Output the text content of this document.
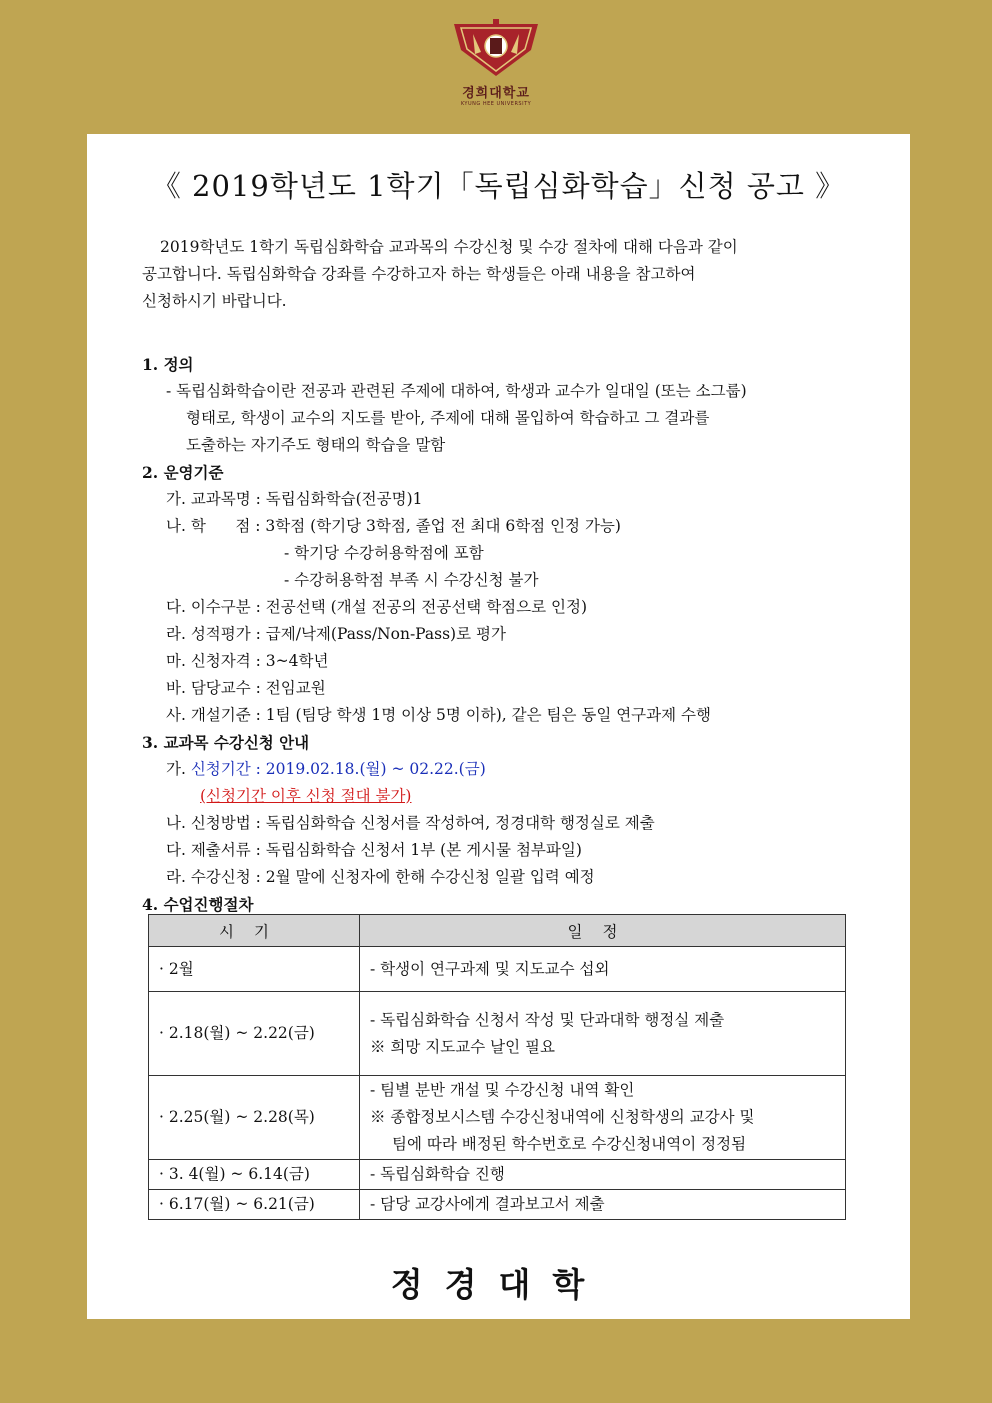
경희대학교
KYUNG HEE UNIVERSITY
《 2019학년도 1학기「독립심화학습」신청 공고 》
2019학년도 1학기 독립심화학습 교과목의 수강신청 및 수강 절차에 대해 다음과 같이
공고합니다. 독립심화학습 강좌를 수강하고자 하는 학생들은 아래 내용을 참고하여
신청하시기 바랍니다.
1. 정의
- 독립심화학습이란 전공과 관련된 주제에 대하여, 학생과 교수가 일대일 (또는 소그룹)
형태로, 학생이 교수의 지도를 받아, 주제에 대해 몰입하여 학습하고 그 결과를
도출하는 자기주도 형태의 학습을 말함
2. 운영기준
가. 교과목명 : 독립심화학습(전공명)1
나. 학      점 : 3학점 (학기당 3학점, 졸업 전 최대 6학점 인정 가능)
- 학기당 수강허용학점에 포함
- 수강허용학점 부족 시 수강신청 불가
다. 이수구분 : 전공선택 (개설 전공의 전공선택 학점으로 인정)
라. 성적평가 : 급제/낙제(Pass/Non-Pass)로 평가
마. 신청자격 : 3~4학년
바. 담당교수 : 전임교원
사. 개설기준 : 1팀 (팀당 학생 1명 이상 5명 이하), 같은 팀은 동일 연구과제 수행
3. 교과목 수강신청 안내
가. 신청기간 : 2019.02.18.(월) ~ 02.22.(금)
(신청기간 이후 신청 절대 불가)
나. 신청방법 : 독립심화학습 신청서를 작성하여, 정경대학 행정실로 제출
다. 제출서류 : 독립심화학습 신청서 1부 (본 게시물 첨부파일)
라. 수강신청 : 2월 말에 신청자에 한해 수강신청 일괄 입력 예정
4. 수업진행절차
시기	일정
· 2월	- 학생이 연구과제 및 지도교수 섭외

· 2.18(월) ~ 2.22(금)	- 독립심화학습 신청서 작성 및 단과대학 행정실 제출
※ 희망 지도교수 날인 필요

· 2.25(월) ~ 2.28(목)	- 팀별 분반 개설 및 수강신청 내역 확인
※ 종합정보시스템 수강신청내역에 신청학생의 교강사 및
팀에 따라 배정된 학수번호로 수강신청내역이 정정됨

· 3. 4(월) ~ 6.14(금)	- 독립심화학습 진행

· 6.17(월) ~ 6.21(금)	- 담당 교강사에게 결과보고서 제출
정경대학
